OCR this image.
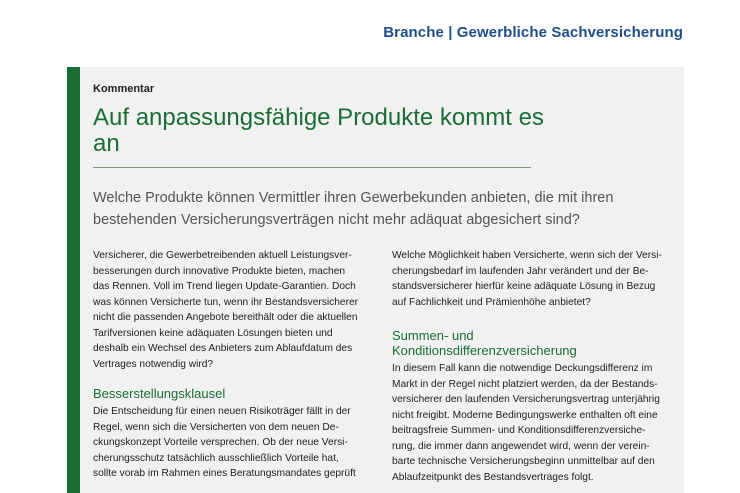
Branche | Gewerbliche Sachversicherung
Kommentar
Auf anpassungsfähige Produkte kommt es an
Welche Produkte können Vermittler ihren Gewerbekunden anbieten, die mit ihren bestehenden Versicherungsverträgen nicht mehr adäquat abgesichert sind?

Versicherer, die Gewerbetreibenden aktuell Leistungsverbesserungen durch innovative Produkte bieten, machen das Rennen. Voll im Trend liegen Update-Garantien. Doch was können Versicherte tun, wenn ihr Bestandsversicherer nicht die passenden Angebote bereithält oder die aktuellen Tarifversionen keine adäquaten Lösungen bieten und deshalb ein Wechsel des Anbieters zum Ablaufdatum des Vertrages notwendig wird?

Besserstellungsklausel

Die Entscheidung für einen neuen Risikoträger fällt in der Regel, wenn sich die Versicherten von dem neuen Deckungskonzept Vorteile versprechen. Ob der neue Versicherungsschutz tatsächlich ausschließlich Vorteile hat, sollte vorab im Rahmen eines Beratungsmandates geprüft

Welche Möglichkeit haben Versicherte, wenn sich der Versicherungsbedarf im laufenden Jahr verändert und der Bestandsversicherer hierfür keine adäquate Lösung in Bezug auf Fachlichkeit und Prämienhöhe anbietet?

Summen- und Konditionsdifferenzversicherung

In diesem Fall kann die notwendige Deckungsdifferenz im Markt in der Regel nicht platziert werden, da der Bestandsversicherer den laufenden Versicherungsvertrag unterjährig nicht freigibt. Moderne Bedingungswerke enthalten oft eine beitragsfreie Summen- und Konditionsdifferenzversicherung, die immer dann angewendet wird, wenn der vereinbarte technische Versicherungsbeginn unmittelbar auf den Ablaufzeitpunkt des Bestandsvertrages folgt.
